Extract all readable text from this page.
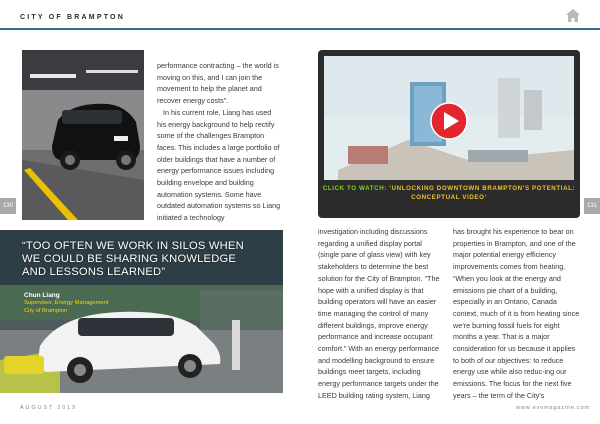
CITY OF BRAMPTON

performance contracting – the world is moving on this, and I can join the movement to help the planet and recover energy costs”.

In his current role, Liang has used his energy background to help rectify some of the challenges Brampton faces. This includes a large portfolio of older buildings that have a number of energy performance issues including building envelope and building automation systems. Some have outdated automation systems so Liang initiated a technology

130	131
“TOO OFTEN WE WORK IN SILOS WHEN WE COULD BE SHARING KNOWLEDGE AND LESSONS LEARNED”
Chun Liang
Supervisor, Energy Management
City of Brampton
CLICK TO WATCH: ‘UNLOCKING DOWNTOWN BRAMPTON’S POTENTIAL: CONCEPTUAL VIDEO’

investigation including discussions regarding a unified display portal (single pane of glass view) with key stakeholders to determine the best solution for the City of Brampton. “The hope with a unified display is that building operators will have an easier time managing the control of many different buildings, improve energy performance and increase occupant comfort.” With an energy performance and modelling background to ensure buildings meet targets, including energy performance targets under the LEED building rating system, Liang

has brought his experience to bear on properties in Brampton, and one of the major potential energy efficiency improvements comes from heating. “When you look at the energy and emissions pie chart of a building, especially in an Ontario, Canada context, much of it is from heating since we’re burning fossil fuels for eight months a year. That is a major consideration for us because it applies to both of our objectives: to reduce energy use while also reduc-ing our emissions. The focus for the next five years – the term of the City’s

AUGUST 2019	www.evomagazine.com
